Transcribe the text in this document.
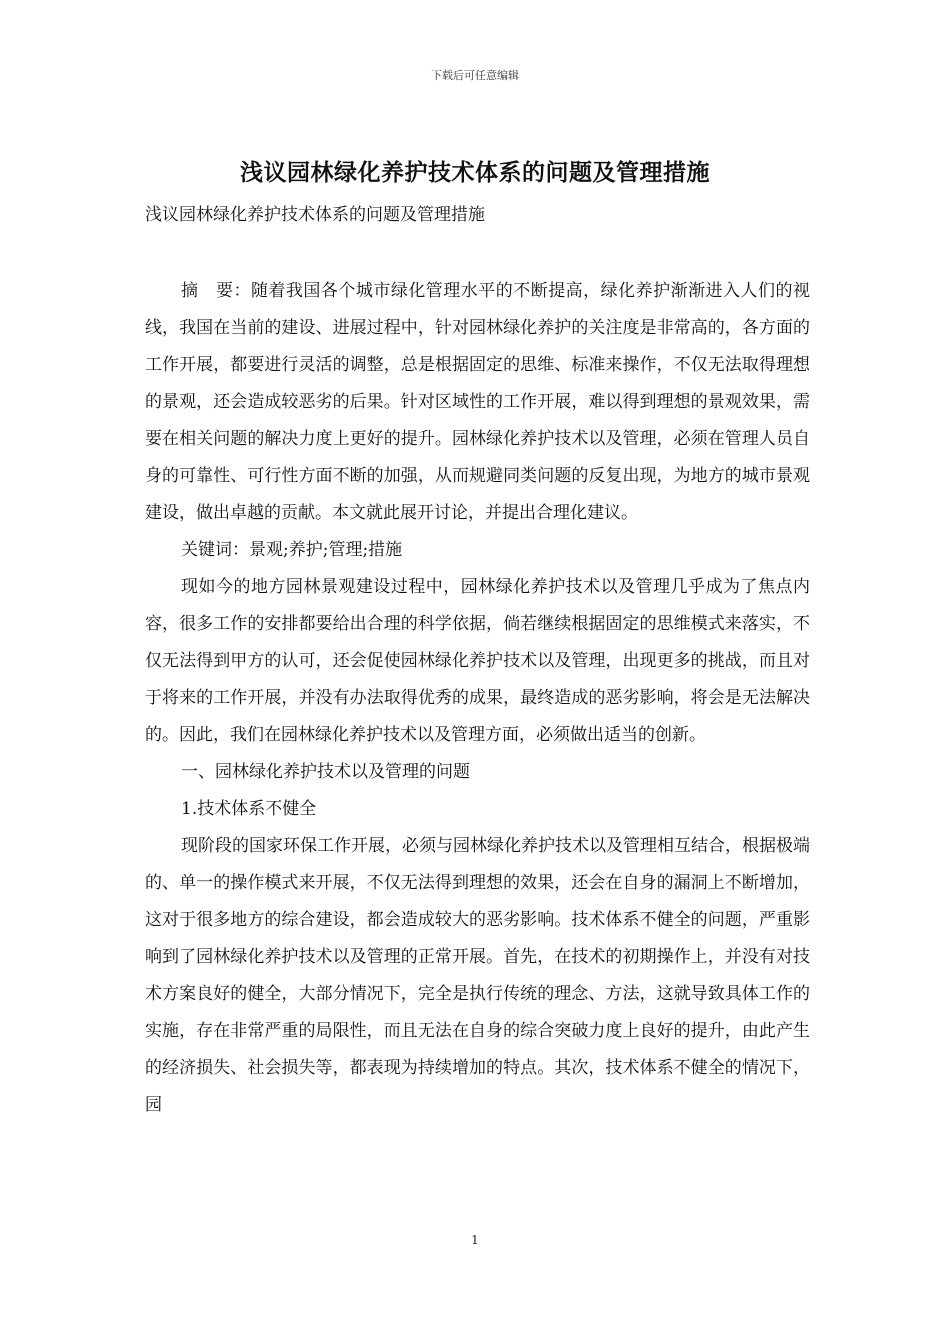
下载后可任意编辑
浅议园林绿化养护技术体系的问题及管理措施

浅议园林绿化养护技术体系的问题及管理措施

摘　要：随着我国各个城市绿化管理水平的不断提高，绿化养护渐渐进入人们的视线，我国在当前的建设、进展过程中，针对园林绿化养护的关注度是非常高的，各方面的工作开展，都要进行灵活的调整，总是根据固定的思维、标准来操作，不仅无法取得理想的景观，还会造成较恶劣的后果。针对区域性的工作开展，难以得到理想的景观效果，需要在相关问题的解决力度上更好的提升。园林绿化养护技术以及管理，必须在管理人员自身的可靠性、可行性方面不断的加强，从而规避同类问题的反复出现，为地方的城市景观建设，做出卓越的贡献。本文就此展开讨论，并提出合理化建议。

关键词：景观;养护;管理;措施

现如今的地方园林景观建设过程中，园林绿化养护技术以及管理几乎成为了焦点内容，很多工作的安排都要给出合理的科学依据，倘若继续根据固定的思维模式来落实，不仅无法得到甲方的认可，还会促使园林绿化养护技术以及管理，出现更多的挑战，而且对于将来的工作开展，并没有办法取得优秀的成果，最终造成的恶劣影响，将会是无法解决的。因此，我们在园林绿化养护技术以及管理方面，必须做出适当的创新。

一、园林绿化养护技术以及管理的问题

1.技术体系不健全

现阶段的国家环保工作开展，必须与园林绿化养护技术以及管理相互结合，根据极端的、单一的操作模式来开展，不仅无法得到理想的效果，还会在自身的漏洞上不断增加，这对于很多地方的综合建设，都会造成较大的恶劣影响。技术体系不健全的问题，严重影响到了园林绿化养护技术以及管理的正常开展。首先，在技术的初期操作上，并没有对技术方案良好的健全，大部分情况下，完全是执行传统的理念、方法，这就导致具体工作的实施，存在非常严重的局限性，而且无法在自身的综合突破力度上良好的提升，由此产生的经济损失、社会损失等，都表现为持续增加的特点。其次，技术体系不健全的情况下，园

1
